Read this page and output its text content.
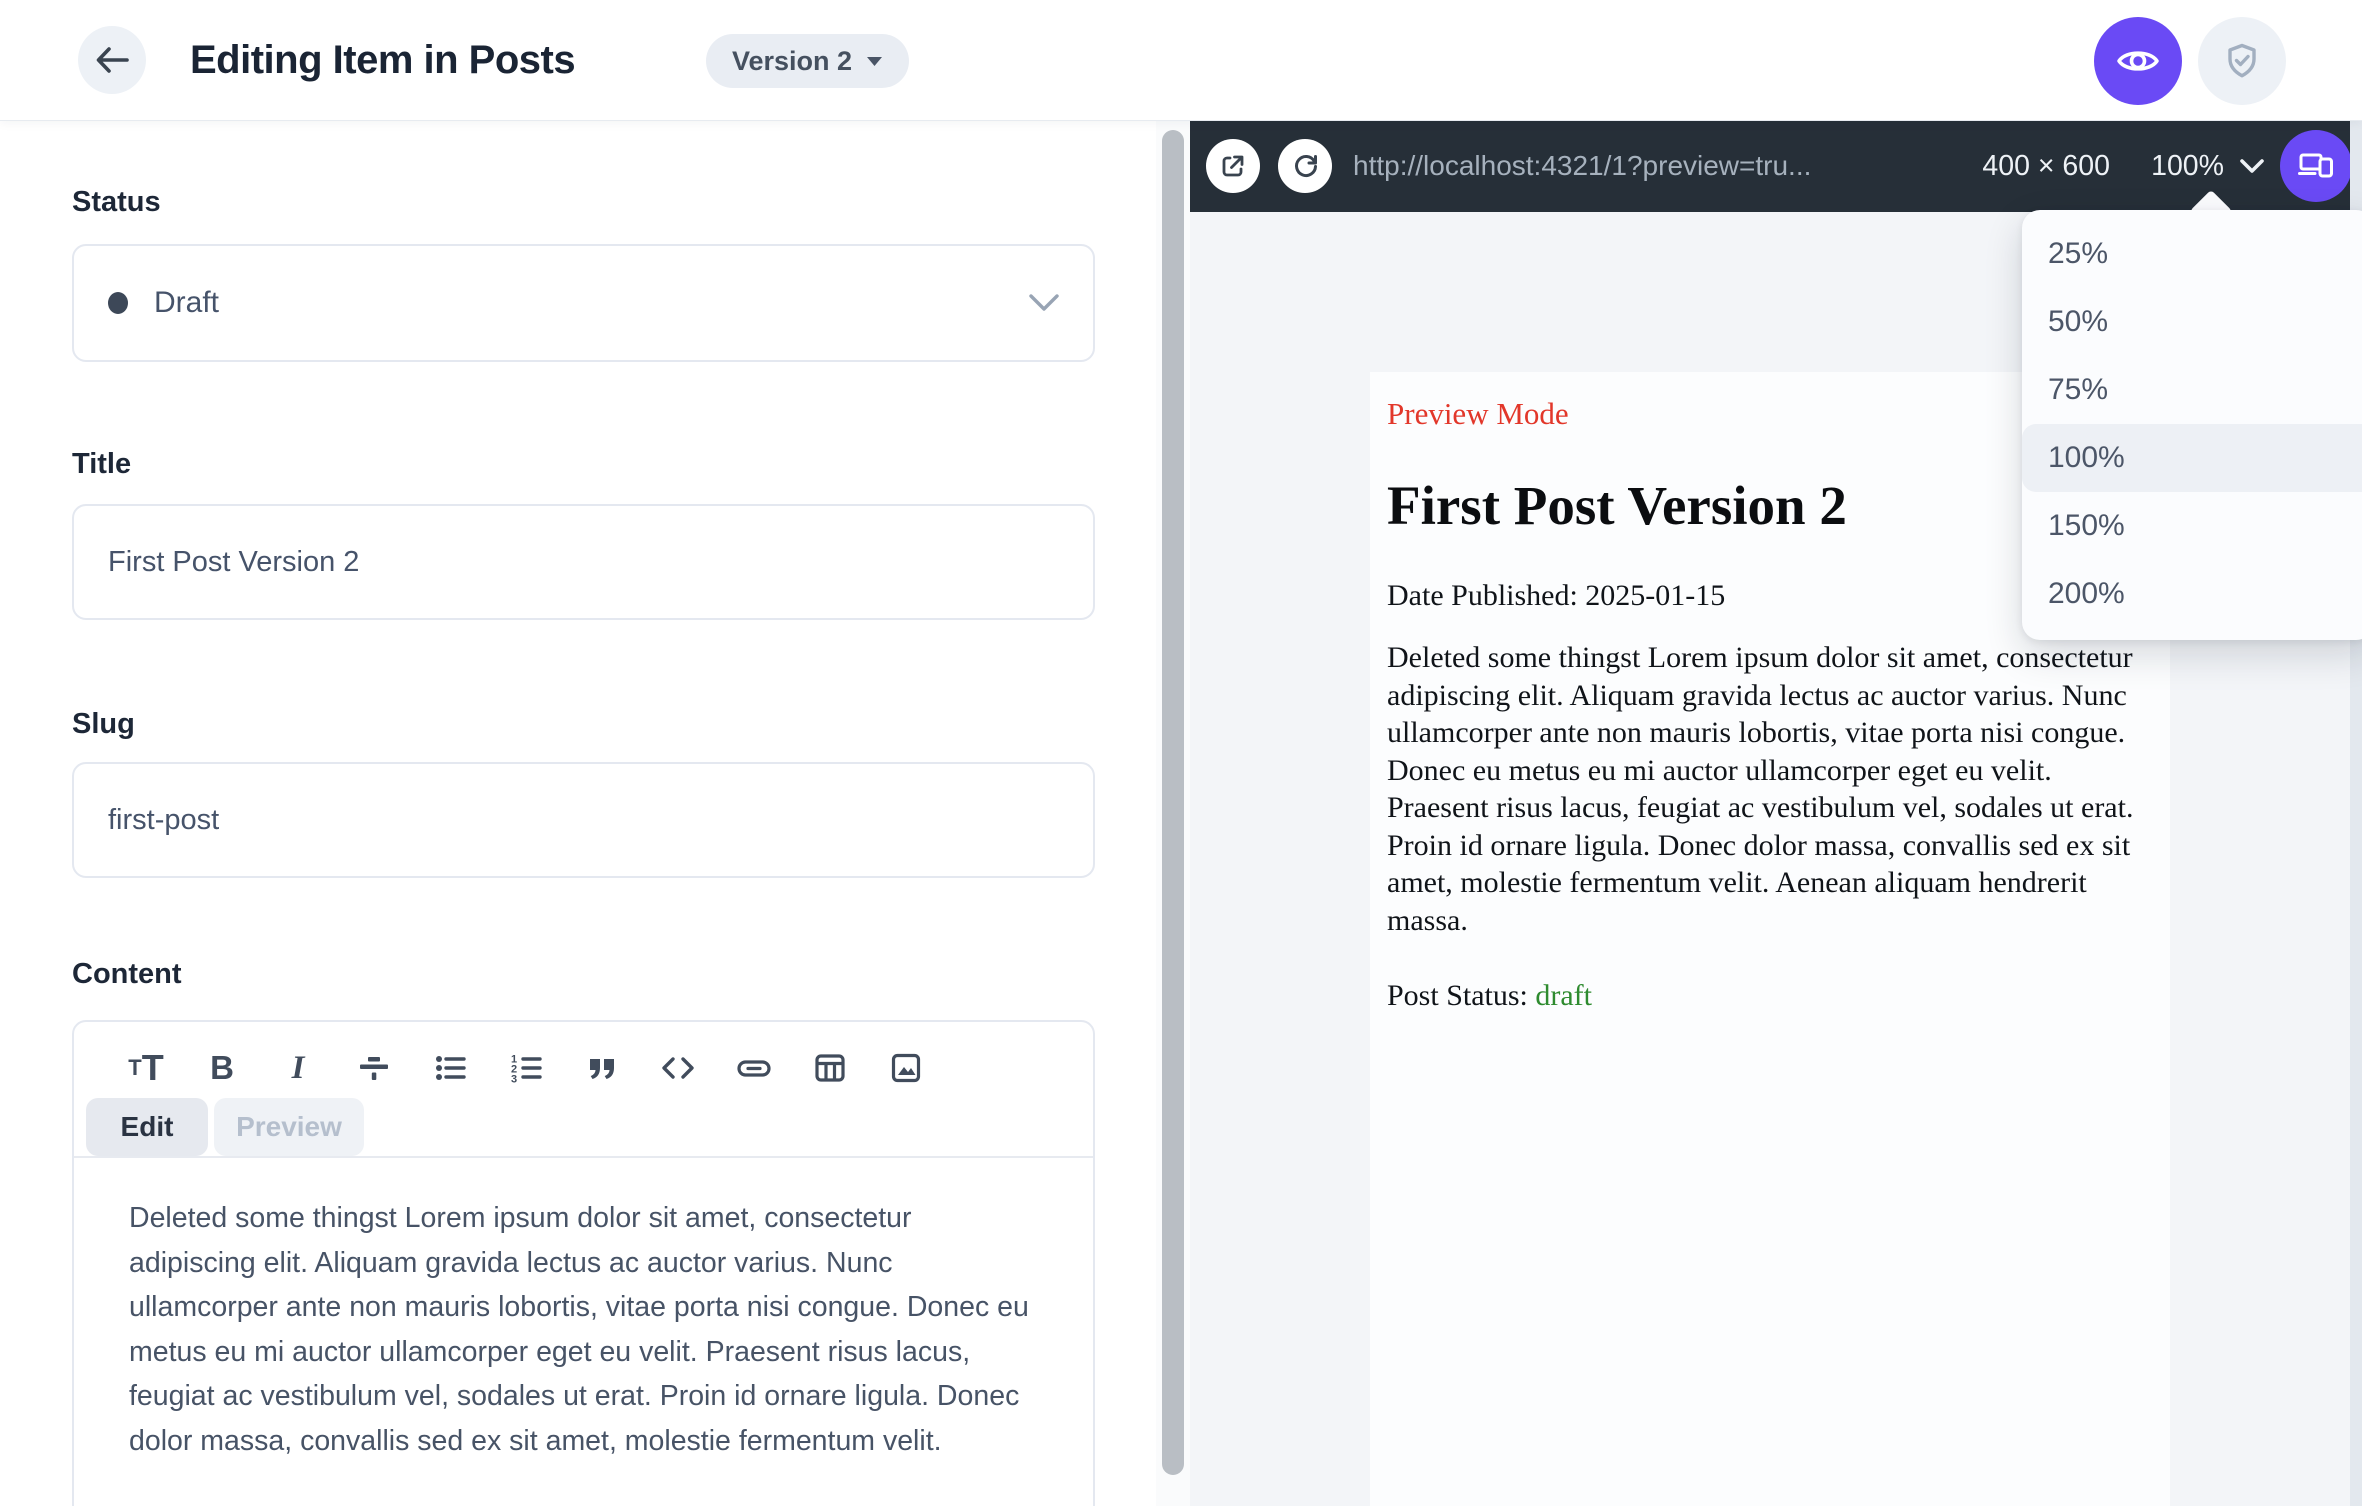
Editing Item in Posts	Version 2
Status
Draft
Title
First Post Version 2
Slug
first-post
Content
T T B I	1
2
3
Edit	Preview
Deleted some thingst Lorem ipsum dolor sit amet, consectetur adipiscing elit. Aliquam gravida lectus ac auctor varius. Nunc ullamcorper ante non mauris lobortis, vitae porta nisi congue. Donec eu metus eu mi auctor ullamcorper eget eu velit. Praesent risus lacus, feugiat ac vestibulum vel, sodales ut erat. Proin id ornare ligula. Donec dolor massa, convallis sed ex sit amet, molestie fermentum velit.
http://localhost:4321/1?preview=tru...	400 × 600 100%
Preview Mode
First Post Version 2
Date Published: 2025-01-15
Deleted some thingst Lorem ipsum dolor sit amet, consectetur adipiscing elit. Aliquam gravida lectus ac auctor varius. Nunc ullamcorper ante non mauris lobortis, vitae porta nisi congue. Donec eu metus eu mi auctor ullamcorper eget eu velit. Praesent risus lacus, feugiat ac vestibulum vel, sodales ut erat. Proin id ornare ligula. Donec dolor massa, convallis sed ex sit amet, molestie fermentum velit. Aenean aliquam hendrerit massa.
Post Status: draft
25%
50%
75%
100%
150%
200%
